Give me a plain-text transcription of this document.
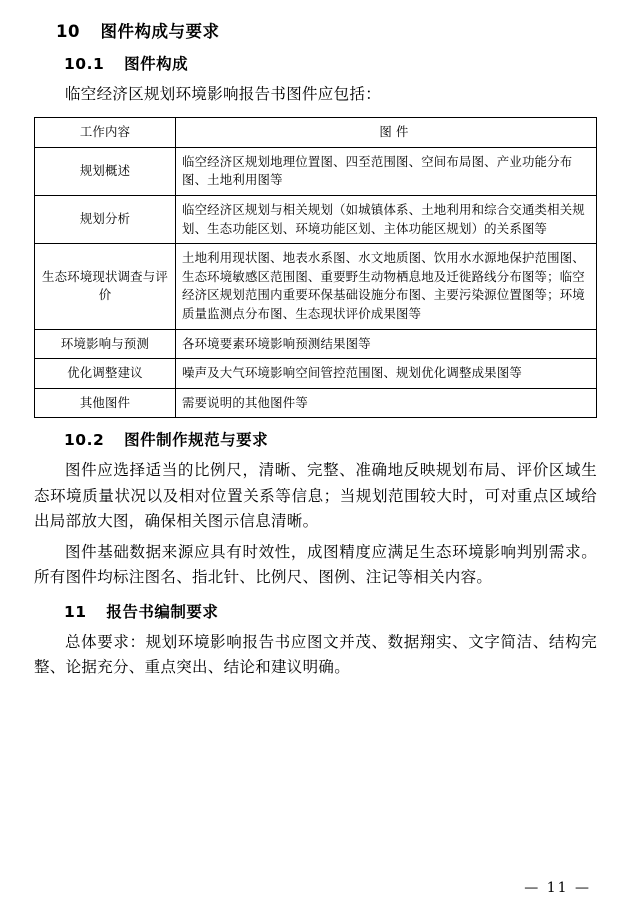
10 图件构成与要求
10.1 图件构成

临空经济区规划环境影响报告书图件应包括：

工作内容	图 件
规划概述	临空经济区规划地理位置图、四至范围图、空间布局图、产业功能分布图、土地利用图等
规划分析	临空经济区规划与相关规划（如城镇体系、土地利用和综合交通类相关规划、生态功能区划、环境功能区划、主体功能区规划）的关系图等
生态环境现状调查与评价	土地利用现状图、地表水系图、水文地质图、饮用水水源地保护范围图、生态环境敏感区范围图、重要野生动物栖息地及迁徙路线分布图等；临空经济区规划范围内重要环保基础设施分布图、主要污染源位置图等；环境质量监测点分布图、生态现状评价成果图等
环境影响与预测	各环境要素环境影响预测结果图等
优化调整建议	噪声及大气环境影响空间管控范围图、规划优化调整成果图等
其他图件	需要说明的其他图件等
10.2 图件制作规范与要求

图件应选择适当的比例尺，清晰、完整、准确地反映规划布局、评价区域生态环境质量状况以及相对位置关系等信息；当规划范围较大时，可对重点区域给出局部放大图，确保相关图示信息清晰。

图件基础数据来源应具有时效性，成图精度应满足生态环境影响判别需求。所有图件均标注图名、指北针、比例尺、图例、注记等相关内容。

11 报告书编制要求

总体要求：规划环境影响报告书应图文并茂、数据翔实、文字简洁、结构完整、论据充分、重点突出、结论和建议明确。

— 11 —
